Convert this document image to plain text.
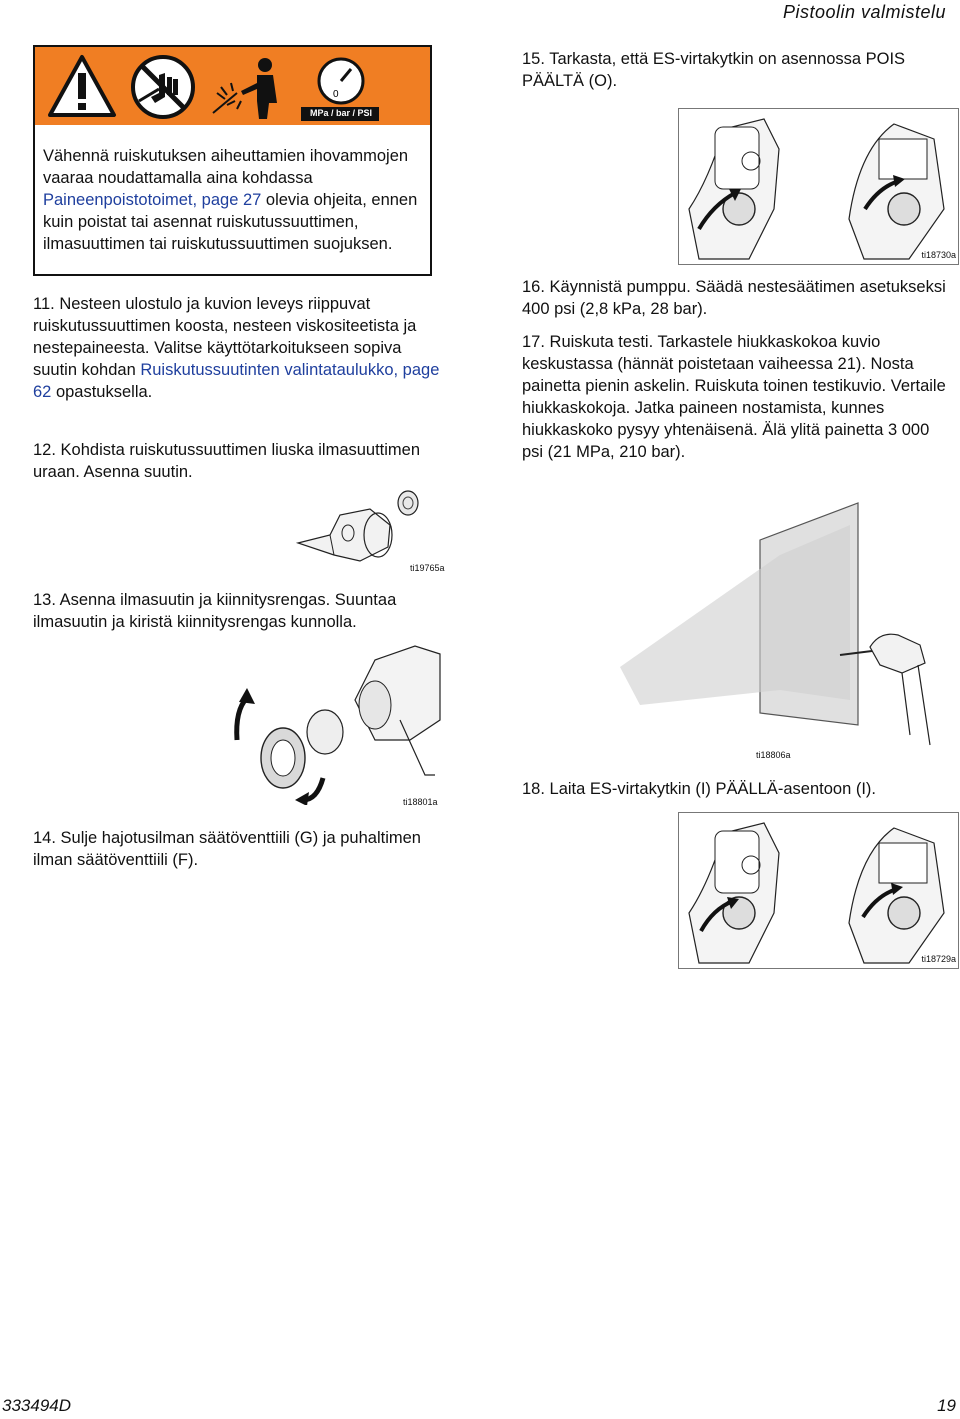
Pistoolin valmistelu
0
MPa / bar / PSI
Vähennä ruiskutuksen aiheuttamien ihovammojen vaaraa noudattamalla aina kohdassa Paineenpoistotoimet, page 27 olevia ohjeita, ennen kuin poistat tai asennat ruiskutussuuttimen, ilmasuuttimen tai ruiskutussuuttimen suojuksen.
11. Nesteen ulostulo ja kuvion leveys riippuvat ruiskutussuuttimen koosta, nesteen viskositeetista ja nestepaineesta. Valitse käyttötarkoitukseen sopiva suutin kohdan Ruiskutussuutinten valintataulukko, page 62 opastuksella.
12. Kohdista ruiskutussuuttimen liuska ilmasuuttimen uraan. Asenna suutin.
ti19765a
13. Asenna ilmasuutin ja kiinnitysrengas. Suuntaa ilmasuutin ja kiristä kiinnitysrengas kunnolla.
ti18801a
14. Sulje hajotusilman säätöventtiili (G) ja puhaltimen ilman säätöventtiili (F).
15. Tarkasta, että ES-virtakytkin on asennossa POIS PÄÄLTÄ (O).
ti18730a
16. Käynnistä pumppu. Säädä nestesäätimen asetukseksi 400 psi (2,8 kPa, 28 bar).
17. Ruiskuta testi. Tarkastele hiukkaskokoa kuvio keskustassa (hännät poistetaan vaiheessa 21). Nosta painetta pienin askelin. Ruiskuta toinen testikuvio. Vertaile hiukkaskokoja. Jatka paineen nostamista, kunnes hiukkaskoko pysyy yhtenäisenä. Älä ylitä painetta 3 000 psi (21 MPa, 210 bar).
ti18806a
18. Laita ES-virtakytkin (I) PÄÄLLÄ-asentoon (I).
ti18729a
333494D	19
